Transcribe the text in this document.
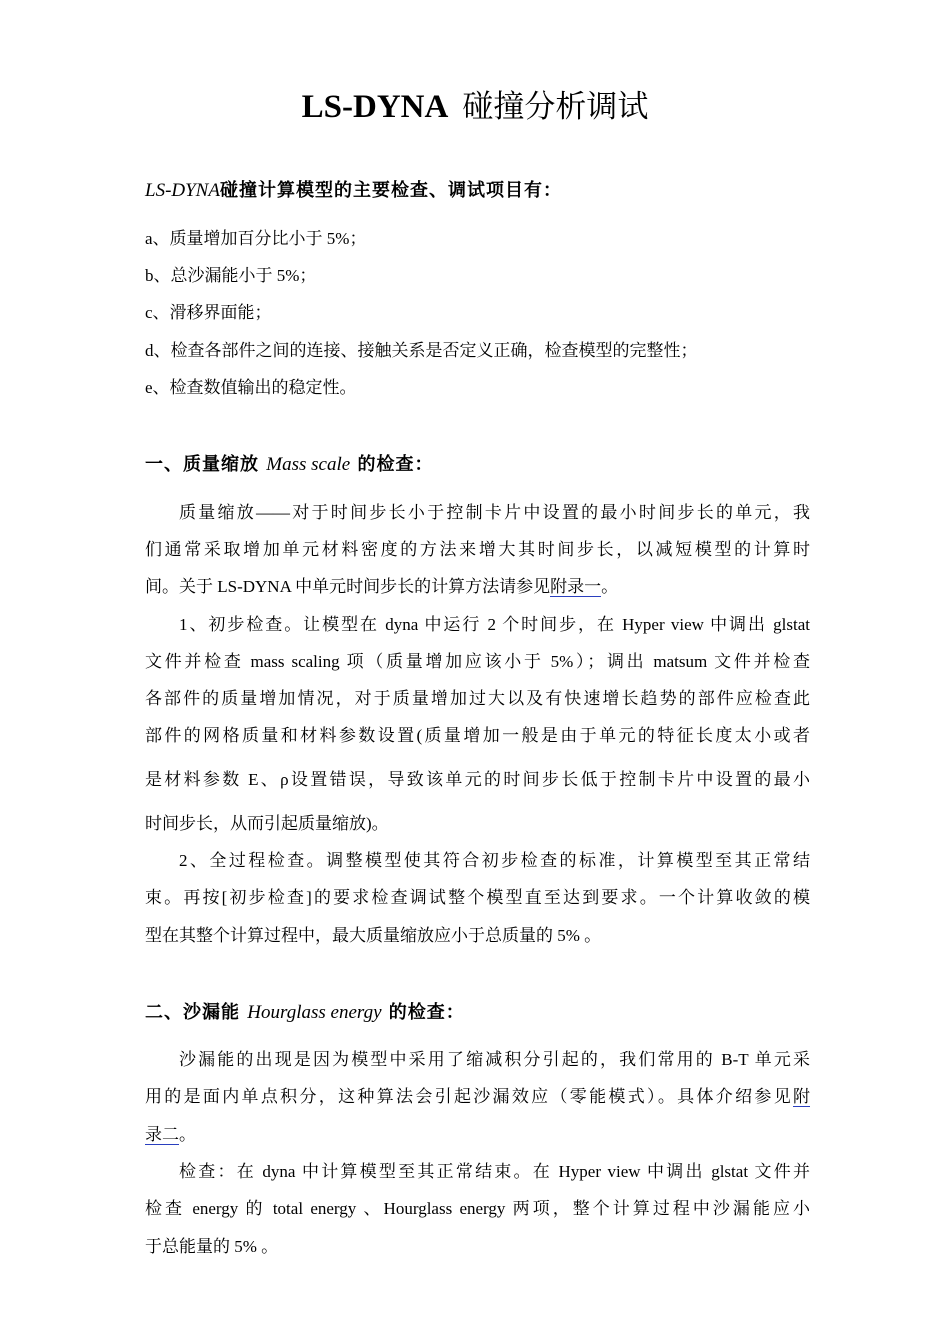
LS-DYNA 碰撞分析调试
LS-DYNA碰撞计算模型的主要检查、调试项目有：
a、质量增加百分比小于 5%；
b、总沙漏能小于 5%；
c、滑移界面能；
d、检查各部件之间的连接、接触关系是否定义正确，检查模型的完整性；
e、检查数值输出的稳定性。
一、质量缩放 Mass scale 的检查：
质量缩放——对于时间步长小于控制卡片中设置的最小时间步长的单元，我
们通常采取增加单元材料密度的方法来增大其时间步长，以减短模型的计算时
间。关于 LS-DYNA 中单元时间步长的计算方法请参见附录一。
1、初步检查。让模型在 dyna 中运行 2 个时间步，在 Hyper view 中调出 glstat
文件并检查 mass scaling 项（质量增加应该小于 5%）；调出 matsum 文件并检查
各部件的质量增加情况，对于质量增加过大以及有快速增长趋势的部件应检查此
部件的网格质量和材料参数设置(质量增加一般是由于单元的特征长度太小或者
是材料参数 E、ρ设置错误，导致该单元的时间步长低于控制卡片中设置的最小
时间步长，从而引起质量缩放)。
2、全过程检查。调整模型使其符合初步检查的标准，计算模型至其正常结
束。再按[初步检查]的要求检查调试整个模型直至达到要求。一个计算收敛的模
型在其整个计算过程中，最大质量缩放应小于总质量的 5% 。
二、沙漏能 Hourglass energy 的检查：
沙漏能的出现是因为模型中采用了缩减积分引起的，我们常用的 B-T 单元采
用的是面内单点积分，这种算法会引起沙漏效应（零能模式）。具体介绍参见附
录二。
检查：在 dyna 中计算模型至其正常结束。在 Hyper view 中调出 glstat 文件并
检查 energy 的 total energy 、Hourglass energy 两项，整个计算过程中沙漏能应小
于总能量的 5% 。
